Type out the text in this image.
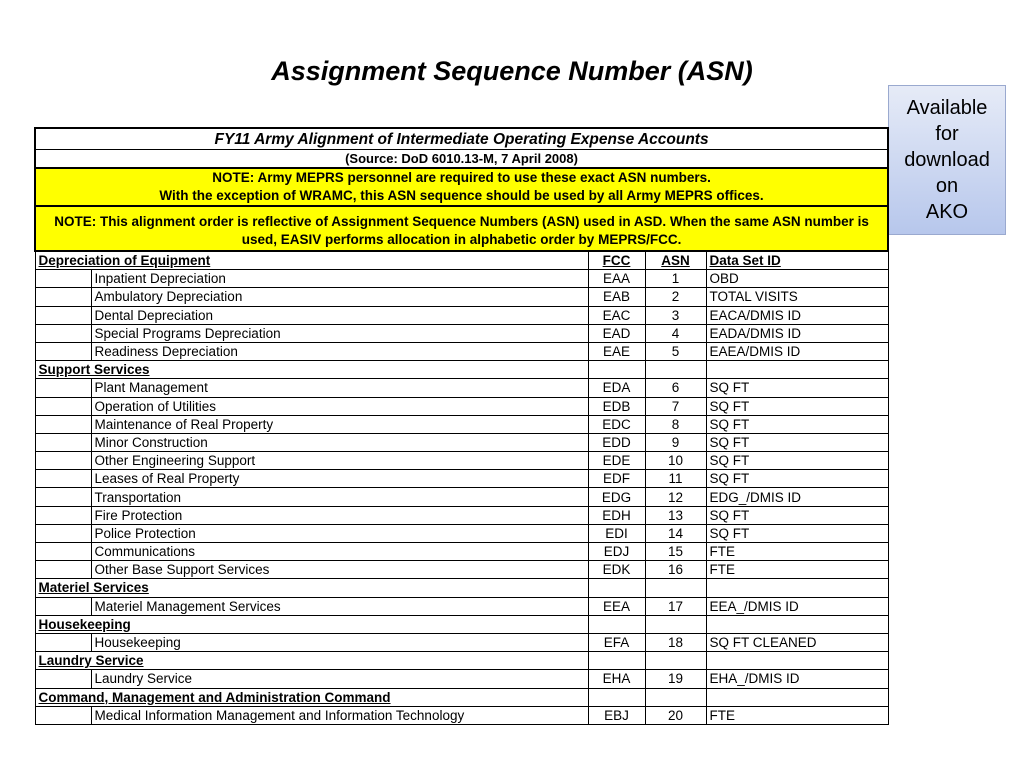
Assignment Sequence Number (ASN)
Available
for
download
on
AKO
FY11 Army Alignment of Intermediate Operating Expense Accounts				
(Source: DoD 6010.13-M, 7 April 2008)				
NOTE: Army MEPRS personnel are required to use these exact ASN numbers.
With the exception of WRAMC, this ASN sequence should be used by all Army MEPRS offices.				
NOTE: This alignment order is reflective of Assignment Sequence Numbers (ASN) used in ASD. When the same ASN number is used, EASIV performs allocation in alphabetic order by MEPRS/FCC.				
Depreciation of Equipment		FCC	ASN	Data Set ID
	Inpatient Depreciation	EAA	1	OBD
	Ambulatory Depreciation	EAB	2	TOTAL VISITS
	Dental Depreciation	EAC	3	EACA/DMIS ID
	Special Programs Depreciation	EAD	4	EADA/DMIS ID
	Readiness Depreciation	EAE	5	EAEA/DMIS ID
Support Services				
	Plant Management	EDA	6	SQ FT
	Operation of Utilities	EDB	7	SQ FT
	Maintenance of Real Property	EDC	8	SQ FT
	Minor Construction	EDD	9	SQ FT
	Other Engineering Support	EDE	10	SQ FT
	Leases of Real Property	EDF	11	SQ FT
	Transportation	EDG	12	EDG_/DMIS ID
	Fire Protection	EDH	13	SQ FT
	Police Protection	EDI	14	SQ FT
	Communications	EDJ	15	FTE
	Other Base Support Services	EDK	16	FTE
Materiel Services				
	Materiel Management Services	EEA	17	EEA_/DMIS ID
Housekeeping				
	Housekeeping	EFA	18	SQ FT CLEANED
Laundry Service				
	Laundry Service	EHA	19	EHA_/DMIS ID
Command, Management and Administration Command				
	Medical Information Management and Information Technology	EBJ	20	FTE
